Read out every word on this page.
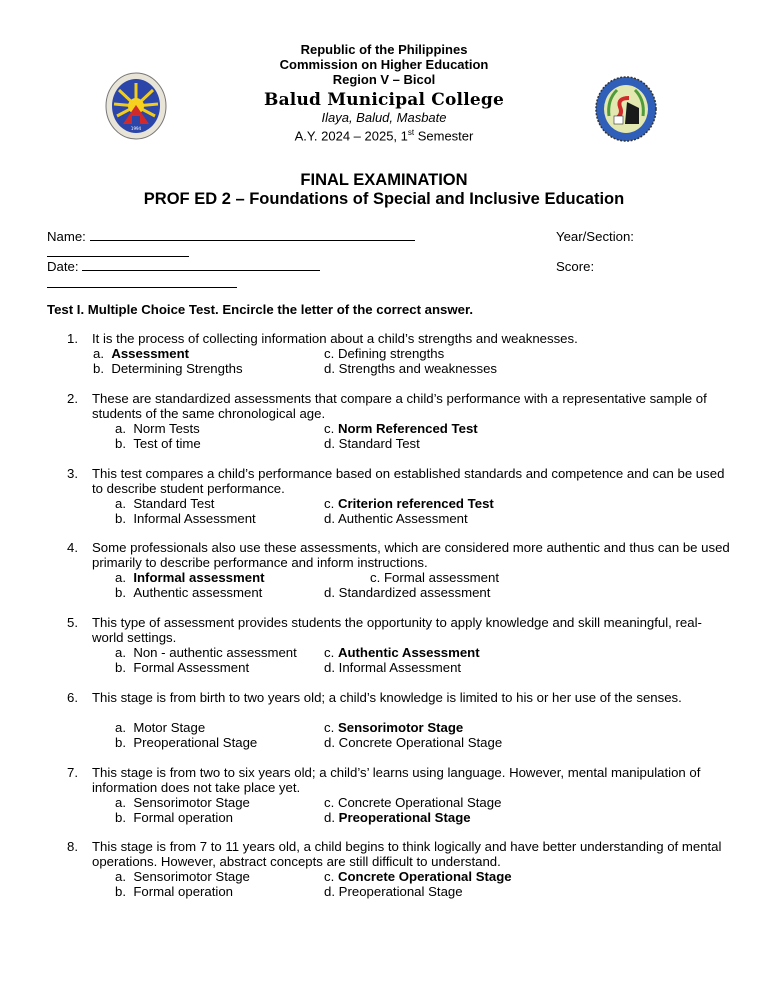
1994
Republic of the Philippines
Commission on Higher Education
Region V – Bicol
Balud Municipal College
Ilaya, Balud, Masbate
A.Y. 2024 – 2025, 1st Semester
FINAL EXAMINATION
PROF ED 2 – Foundations of Special and Inclusive Education
Name:	Year/Section:
Date:	Score:
Test I. Multiple Choice Test. Encircle the letter of the correct answer.
1. It is the process of collecting information about a child’s strengths and weaknesses.
a. Assessment
b. Determining Strengths
c. Defining strengths
d. Strengths and weaknesses
2. These are standardized assessments that compare a child’s performance with a representative sample of students of the same chronological age.
a. Norm Tests
b. Test of time
c. Norm Referenced Test
d. Standard Test
3. This test compares a child’s performance based on established standards and competence and can be used to describe student performance.
a. Standard Test
b. Informal Assessment
c. Criterion referenced Test
d. Authentic Assessment
4. Some professionals also use these assessments, which are considered more authentic and thus can be used primarily to describe performance and inform instructions.
a. Informal assessment
b. Authentic assessment
c. Formal assessment
d. Standardized assessment
5. This type of assessment provides students the opportunity to apply knowledge and skill meaningful, real-world settings.
a. Non - authentic assessment
b. Formal Assessment
c. Authentic Assessment
d. Informal Assessment
6. This stage is from birth to two years old; a child’s knowledge is limited to his or her use of the senses.
a. Motor Stage
b. Preoperational Stage
c. Sensorimotor Stage
d. Concrete Operational Stage
7. This stage is from two to six years old; a child’s’ learns using language. However, mental manipulation of information does not take place yet.
a. Sensorimotor Stage
b. Formal operation
c. Concrete Operational Stage
d. Preoperational Stage
8. This stage is from 7 to 11 years old, a child begins to think logically and have better understanding of mental operations. However, abstract concepts are still difficult to understand.
a. Sensorimotor Stage
b. Formal operation
c. Concrete Operational Stage
d. Preoperational Stage
